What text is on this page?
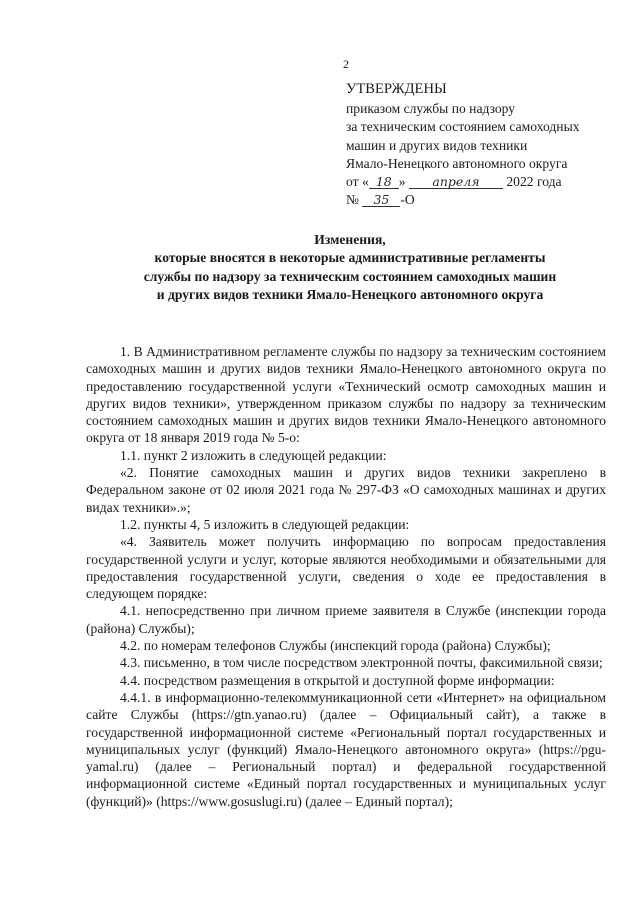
2
УТВЕРЖДЕНЫ
приказом службы по надзору
за техническим состоянием самоходных
машин и других видов техники
Ямало-Ненецкого автономного округа
от « 18 » апреля 2022 года
№ 35 -О
Изменения,
которые вносятся в некоторые административные регламенты
службы по надзору за техническим состоянием самоходных машин
и других видов техники Ямало-Ненецкого автономного округа

1. В Административном регламенте службы по надзору за техническим состоянием самоходных машин и других видов техники Ямало-Ненецкого автономного округа по предоставлению государственной услуги «Технический осмотр самоходных машин и других видов техники», утвержденном приказом службы по надзору за техническим состоянием самоходных машин и других видов техники Ямало-Ненецкого автономного округа от 18 января 2019 года № 5-о:

1.1. пункт 2 изложить в следующей редакции:

«2. Понятие самоходных машин и других видов техники закреплено в Федеральном законе от 02 июля 2021 года № 297-ФЗ «О самоходных машинах и других видах техники».»;

1.2. пункты 4, 5 изложить в следующей редакции:

«4. Заявитель может получить информацию по вопросам предоставления государственной услуги и услуг, которые являются необходимыми и обязательными для предоставления государственной услуги, сведения о ходе ее предоставления в следующем порядке:

4.1. непосредственно при личном приеме заявителя в Службе (инспекции города (района) Службы);

4.2. по номерам телефонов Службы (инспекций города (района) Службы);

4.3. письменно, в том числе посредством электронной почты, факсимильной связи;

4.4. посредством размещения в открытой и доступной форме информации:

4.4.1. в информационно-телекоммуникационной сети «Интернет» на официальном сайте Службы (https://gtn.yanao.ru) (далее – Официальный сайт), а также в государственной информационной системе «Региональный портал государственных и муниципальных услуг (функций) Ямало-Ненецкого автономного округа» (https://pgu-yamal.ru) (далее – Региональный портал) и федеральной государственной информационной системе «Единый портал государственных и муниципальных услуг (функций)» (https://www.gosuslugi.ru) (далее – Единый портал);
